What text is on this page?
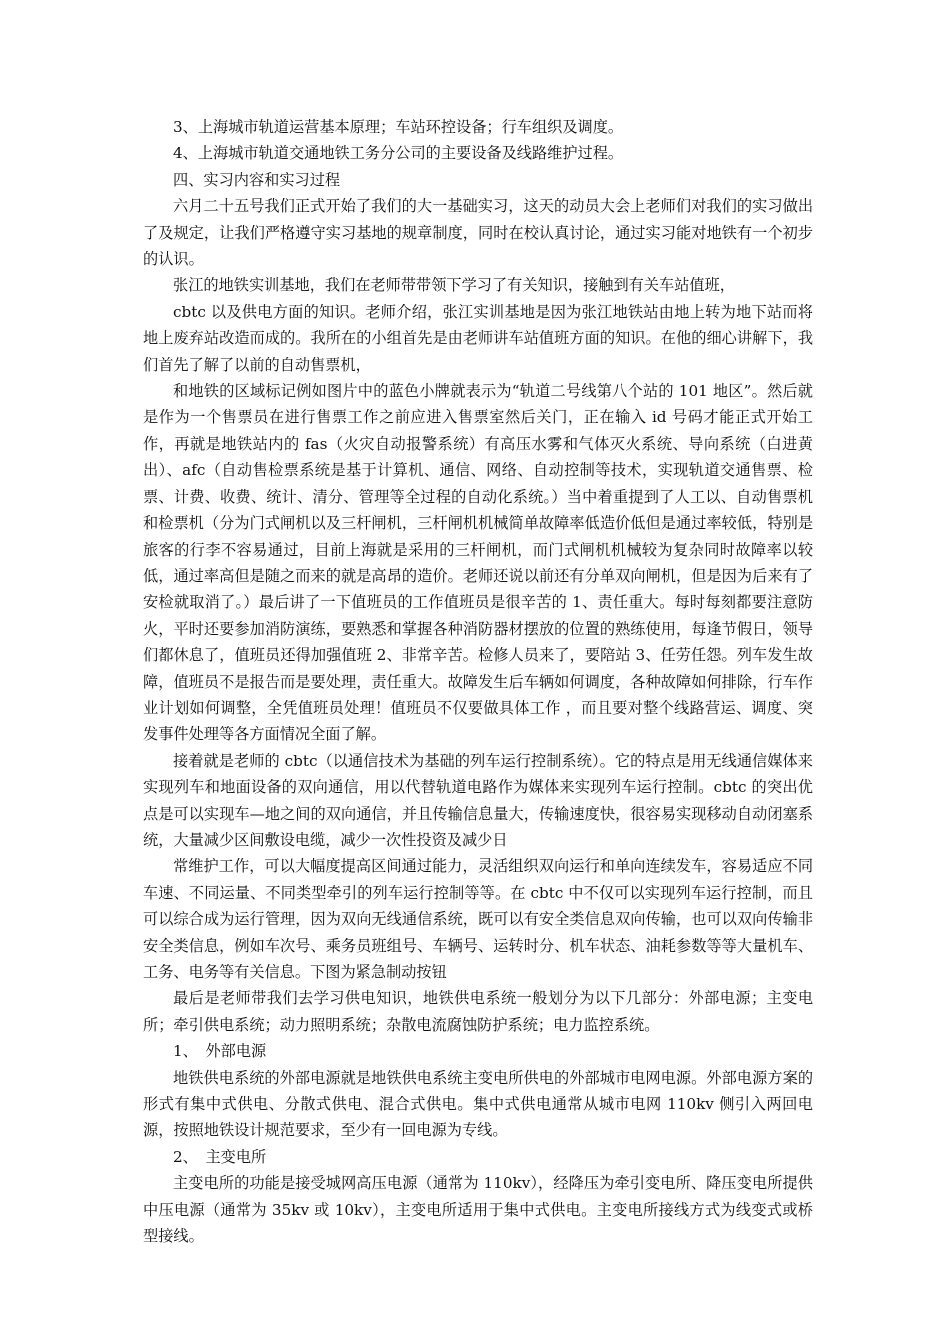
3、上海城市轨道运营基本原理；车站环控设备；行车组织及调度。

4、上海城市轨道交通地铁工务分公司的主要设备及线路维护过程。

四、实习内容和实习过程

六月二十五号我们正式开始了我们的大一基础实习，这天的动员大会上老师们对我们的实习做出了及规定，让我们严格遵守实习基地的规章制度，同时在校认真讨论，通过实习能对地铁有一个初步的认识。

张江的地铁实训基地，我们在老师带带领下学习了有关知识，接触到有关车站值班，

cbtc 以及供电方面的知识。老师介绍，张江实训基地是因为张江地铁站由地上转为地下站而将地上废弃站改造而成的。我所在的小组首先是由老师讲车站值班方面的知识。在他的细心讲解下，我们首先了解了以前的自动售票机，

和地铁的区域标记例如图片中的蓝色小牌就表示为“轨道二号线第八个站的 101 地区”。然后就是作为一个售票员在进行售票工作之前应进入售票室然后关门，正在输入 id 号码才能正式开始工作，再就是地铁站内的 fas（火灾自动报警系统）有高压水雾和气体灭火系统、导向系统（白进黄出）、afc（自动售检票系统是基于计算机、通信、网络、自动控制等技术，实现轨道交通售票、检票、计费、收费、统计、清分、管理等全过程的自动化系统。）当中着重提到了人工以、自动售票机和检票机（分为门式闸机以及三杆闸机，三杆闸机机械简单故障率低造价低但是通过率较低，特别是旅客的行李不容易通过，目前上海就是采用的三杆闸机，而门式闸机机械较为复杂同时故障率以较低，通过率高但是随之而来的就是高昂的造价。老师还说以前还有分单双向闸机，但是因为后来有了安检就取消了。）最后讲了一下值班员的工作值班员是很辛苦的 1、责任重大。每时每刻都要注意防火，平时还要参加消防演练，要熟悉和掌握各种消防器材摆放的位置的熟练使用，每逢节假日，领导们都休息了，值班员还得加强值班 2、非常辛苦。检修人员来了，要陪站 3、任劳任怨。列车发生故障，值班员不是报告而是要处理，责任重大。故障发生后车辆如何调度，各种故障如何排除，行车作业计划如何调整，全凭值班员处理！值班员不仅要做具体工作 ，而且要对整个线路营运、调度、突发事件处理等各方面情况全面了解。

接着就是老师的 cbtc（以通信技术为基础的列车运行控制系统）。它的特点是用无线通信媒体来实现列车和地面设备的双向通信，用以代替轨道电路作为媒体来实现列车运行控制。cbtc 的突出优点是可以实现车—地之间的双向通信，并且传输信息量大，传输速度快，很容易实现移动自动闭塞系统，大量减少区间敷设电缆，减少一次性投资及减少日

常维护工作，可以大幅度提高区间通过能力，灵活组织双向运行和单向连续发车，容易适应不同车速、不同运量、不同类型牵引的列车运行控制等等。在 cbtc 中不仅可以实现列车运行控制，而且可以综合成为运行管理，因为双向无线通信系统，既可以有安全类信息双向传输，也可以双向传输非安全类信息，例如车次号、乘务员班组号、车辆号、运转时分、机车状态、油耗参数等等大量机车、工务、电务等有关信息。下图为紧急制动按钮

最后是老师带我们去学习供电知识，地铁供电系统一般划分为以下几部分：外部电源；主变电所；牵引供电系统；动力照明系统；杂散电流腐蚀防护系统；电力监控系统。

1、　外部电源

地铁供电系统的外部电源就是地铁供电系统主变电所供电的外部城市电网电源。外部电源方案的形式有集中式供电、分散式供电、混合式供电。集中式供电通常从城市电网 110kv 侧引入两回电源，按照地铁设计规范要求，至少有一回电源为专线。

2、　主变电所

主变电所的功能是接受城网高压电源（通常为 110kv），经降压为牵引变电所、降压变电所提供中压电源（通常为 35kv 或 10kv），主变电所适用于集中式供电。主变电所接线方式为线变式或桥型接线。
